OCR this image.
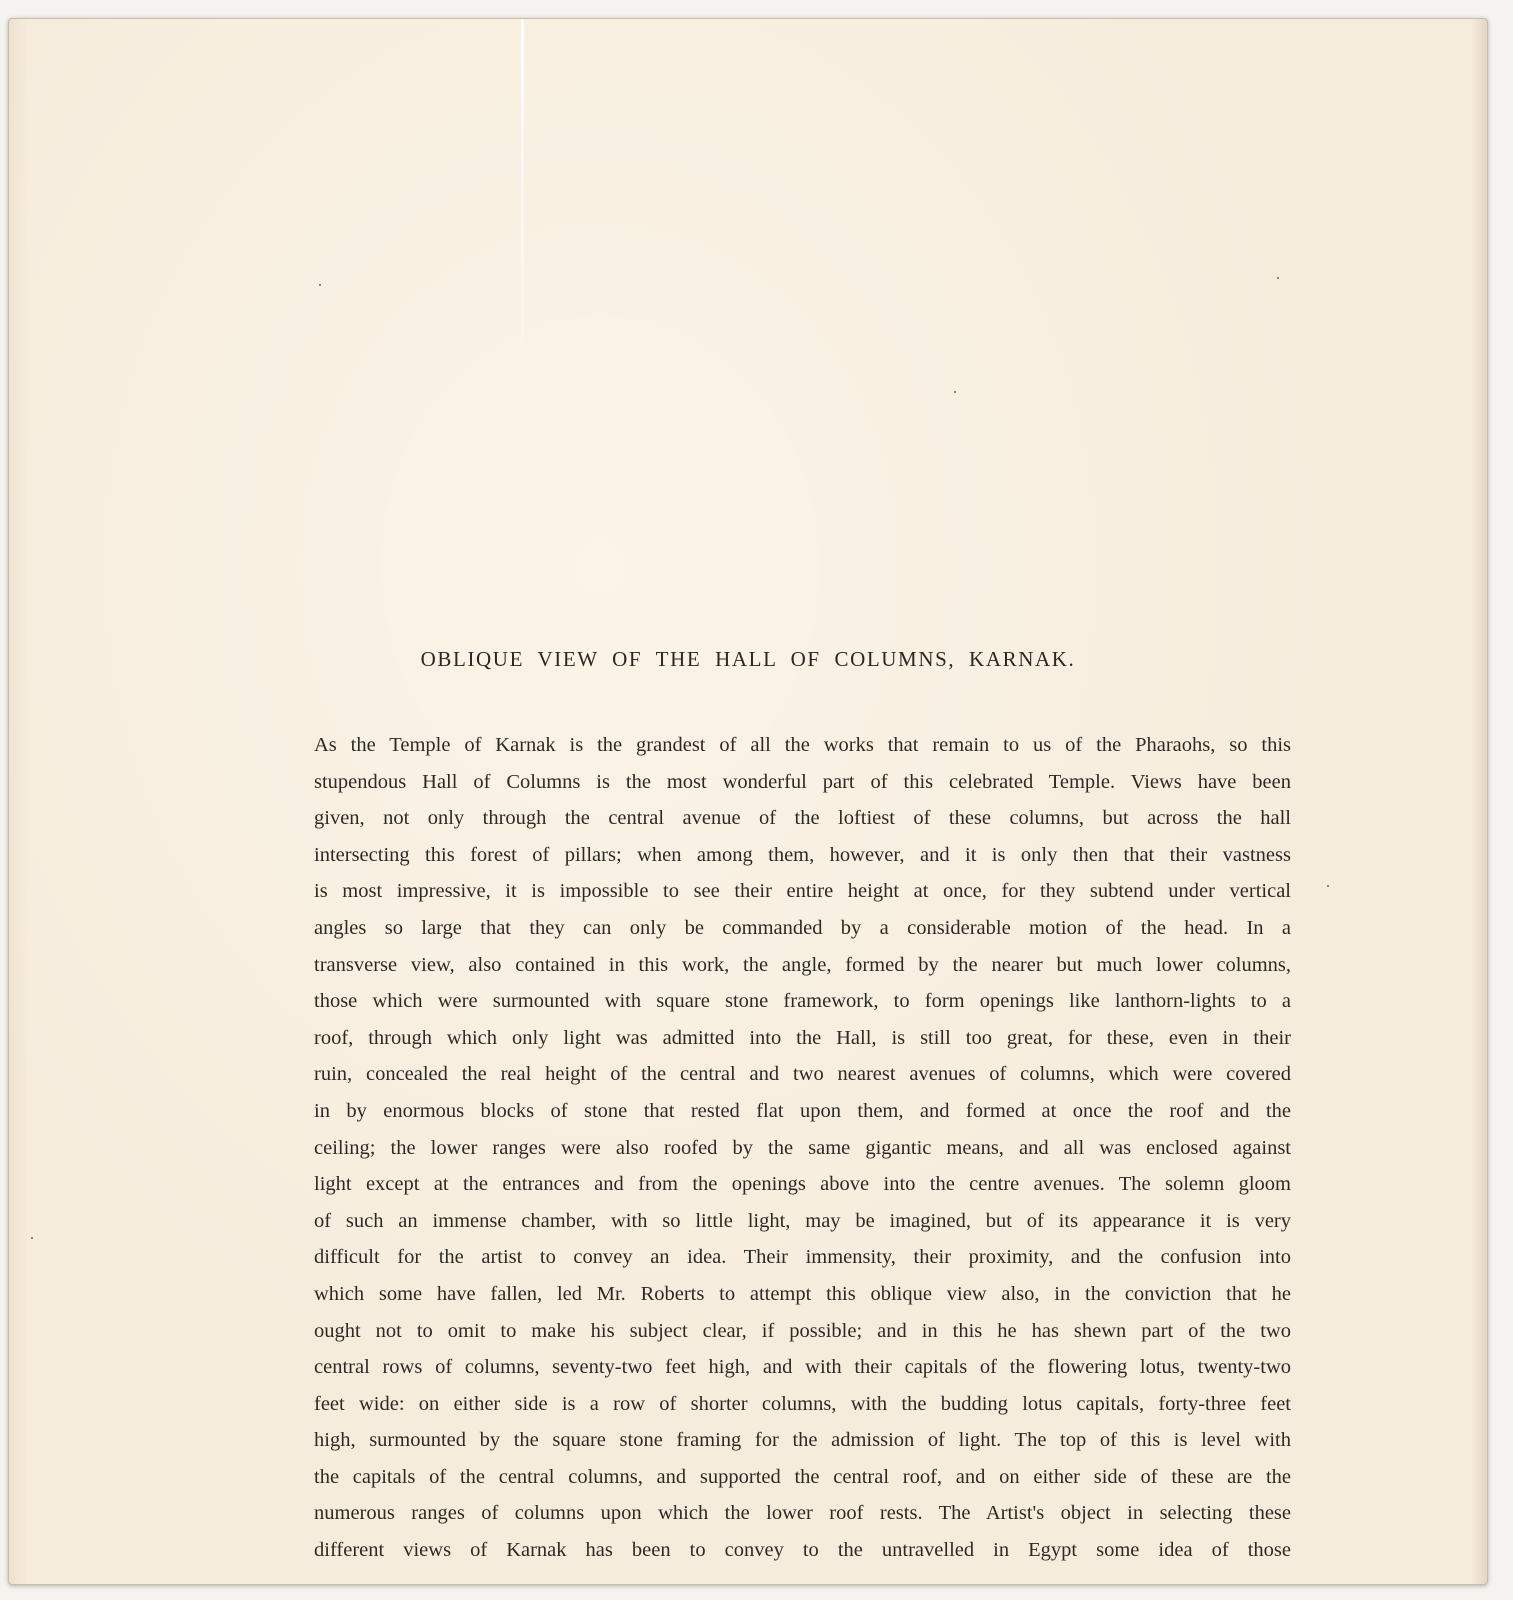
OBLIQUE VIEW OF THE HALL OF COLUMNS, KARNAK.
As the Temple of Karnak is the grandest of all the works that remain to us of the Pharaohs, so this
stupendous Hall of Columns is the most wonderful part of this celebrated Temple. Views have been
given, not only through the central avenue of the loftiest of these columns, but across the hall
intersecting this forest of pillars; when among them, however, and it is only then that their vastness
is most impressive, it is impossible to see their entire height at once, for they subtend under vertical
angles so large that they can only be commanded by a considerable motion of the head. In a
transverse view, also contained in this work, the angle, formed by the nearer but much lower columns,
those which were surmounted with square stone framework, to form openings like lanthorn-lights to a
roof, through which only light was admitted into the Hall, is still too great, for these, even in their
ruin, concealed the real height of the central and two nearest avenues of columns, which were covered
in by enormous blocks of stone that rested flat upon them, and formed at once the roof and the
ceiling; the lower ranges were also roofed by the same gigantic means, and all was enclosed against
light except at the entrances and from the openings above into the centre avenues. The solemn gloom
of such an immense chamber, with so little light, may be imagined, but of its appearance it is very
difficult for the artist to convey an idea. Their immensity, their proximity, and the confusion into
which some have fallen, led Mr. Roberts to attempt this oblique view also, in the conviction that he
ought not to omit to make his subject clear, if possible; and in this he has shewn part of the two
central rows of columns, seventy-two feet high, and with their capitals of the flowering lotus, twenty-two
feet wide: on either side is a row of shorter columns, with the budding lotus capitals, forty-three feet
high, surmounted by the square stone framing for the admission of light. The top of this is level with
the capitals of the central columns, and supported the central roof, and on either side of these are the
numerous ranges of columns upon which the lower roof rests. The Artist's object in selecting these
different views of Karnak has been to convey to the untravelled in Egypt some idea of those
